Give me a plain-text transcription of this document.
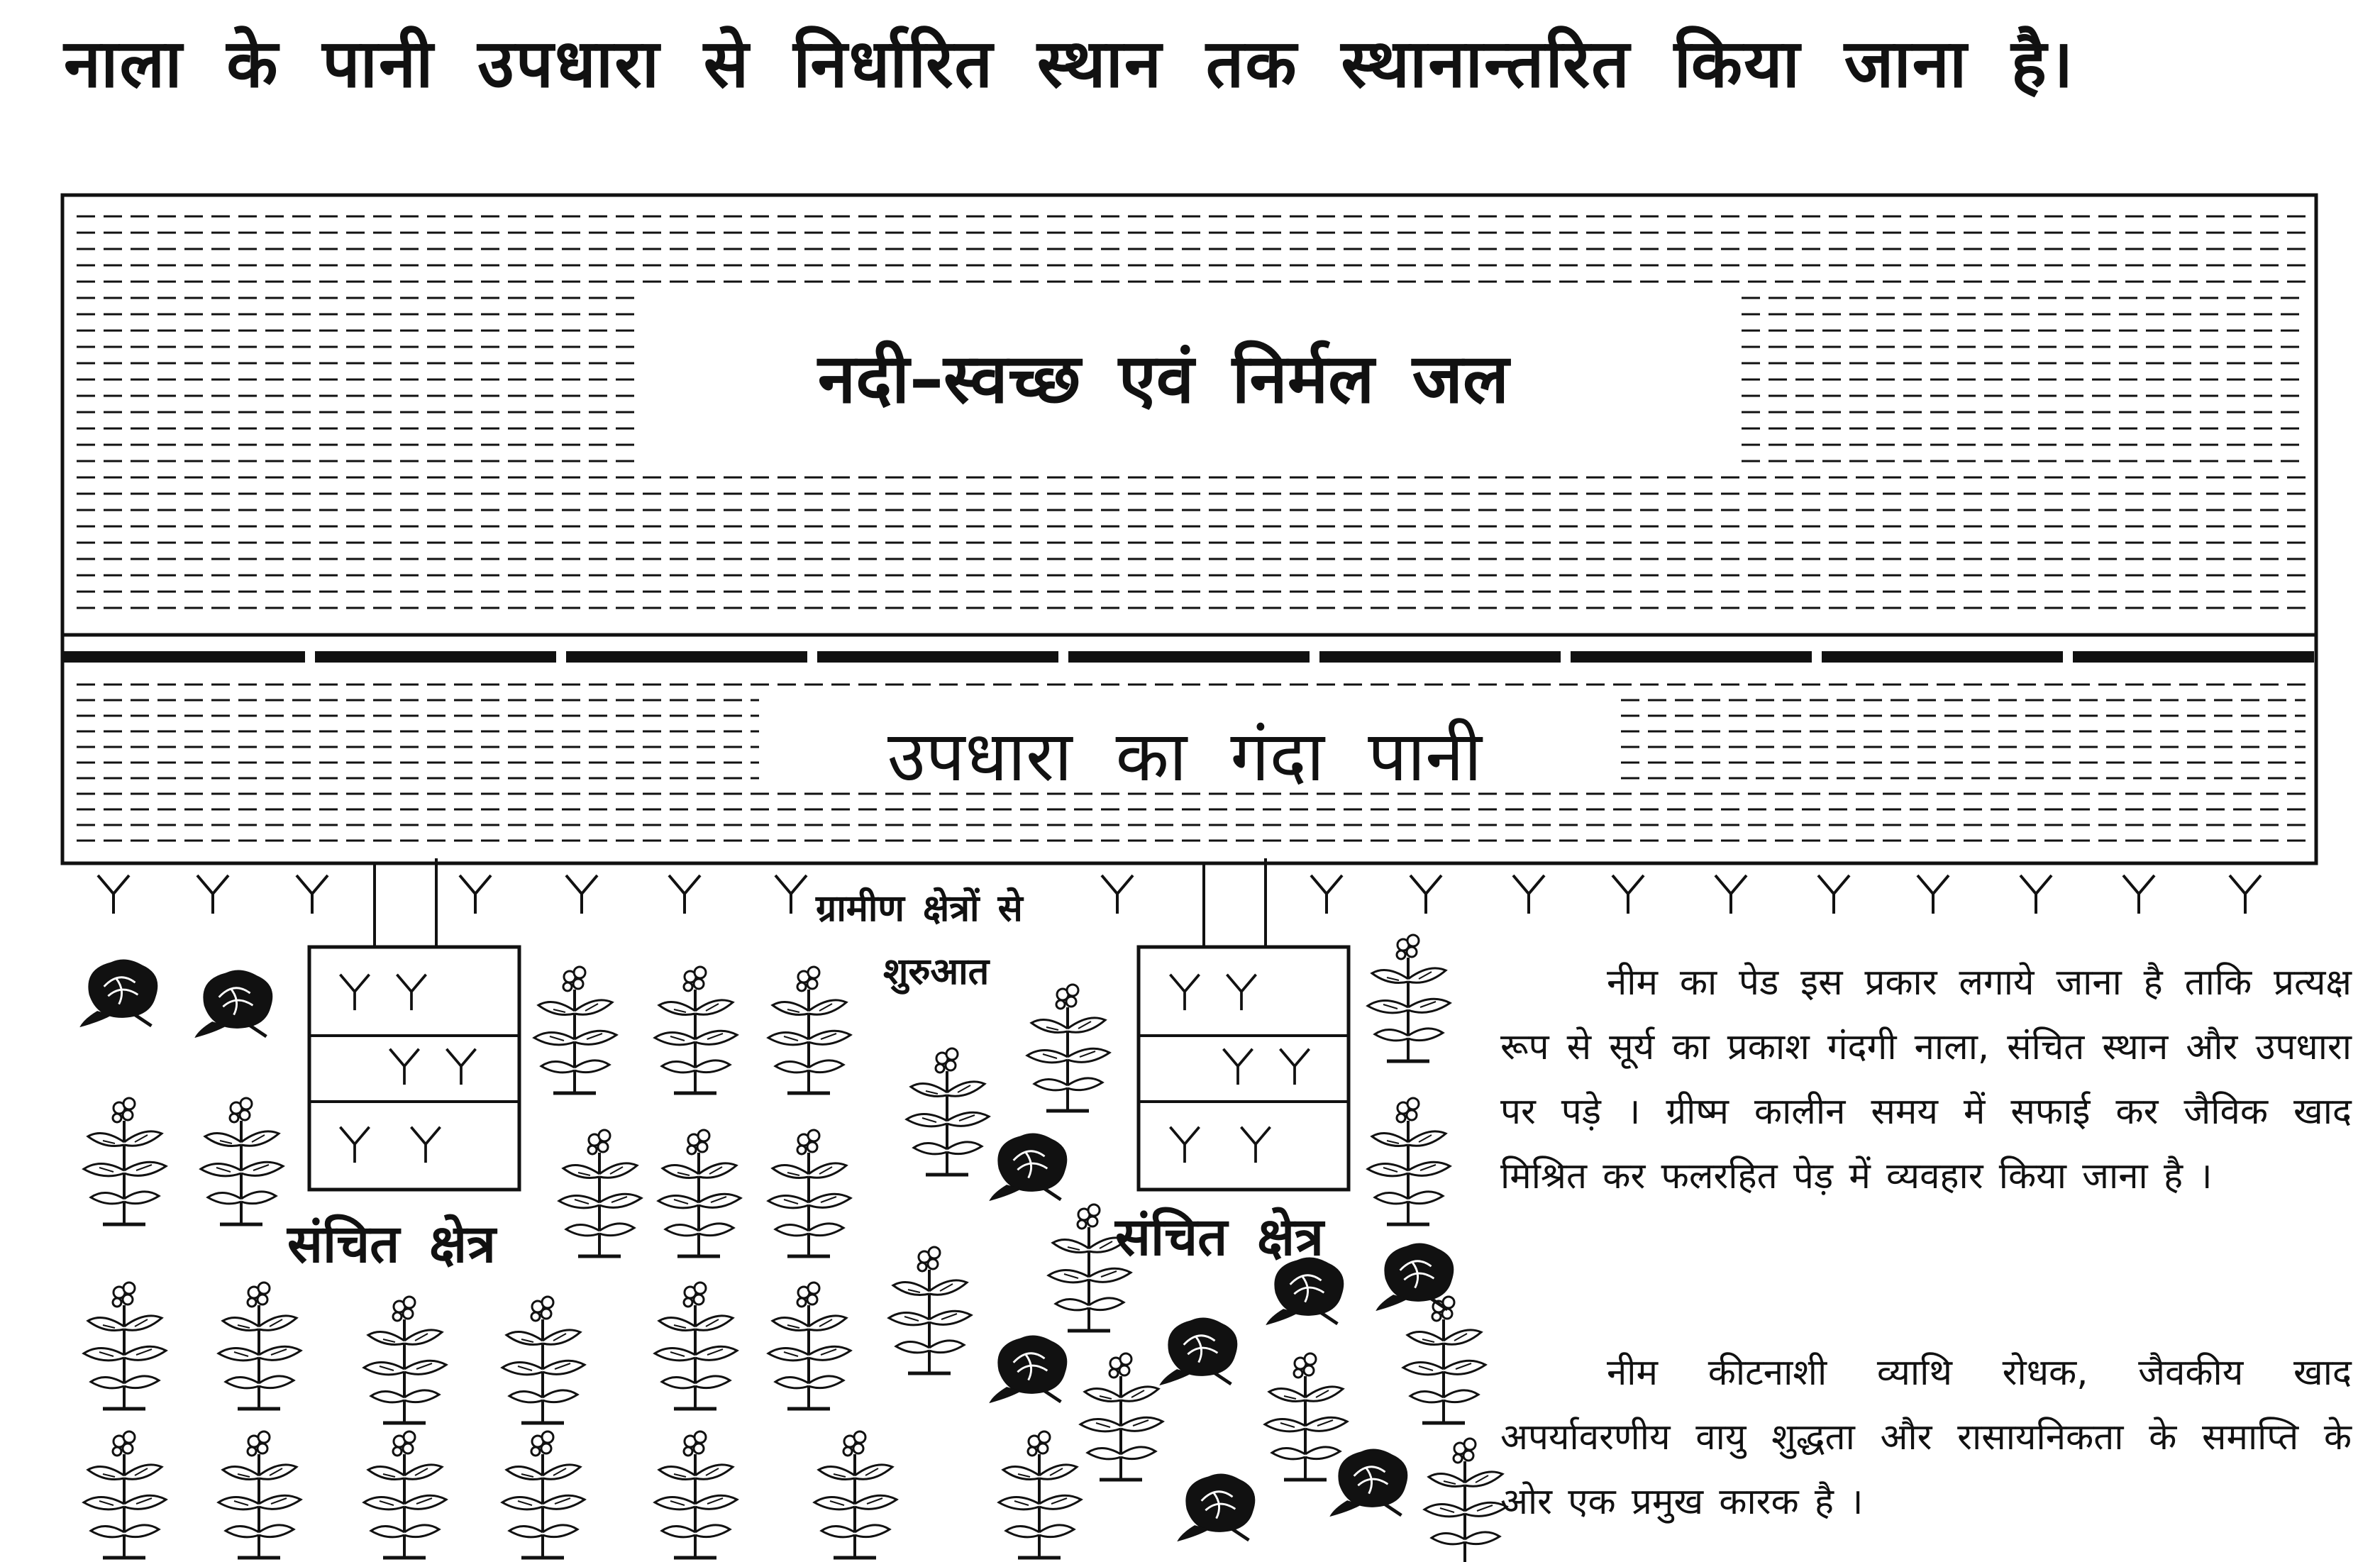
नाला के पानी उपधारा से निर्धारित स्थान तक स्थानान्तरित किया जाना है।
नदी–स्वच्छ एवं निर्मल जल
उपधारा का गंदा पानी
ग्रामीण क्षेत्रों से
शुरुआत
संचित क्षेत्र	संचित क्षेत्र
नीम का पेड इस प्रकार लगाये जाना है ताकि प्रत्यक्ष रूप से सूर्य का प्रकाश गंदगी नाला, संचित स्थान और उपधारा पर पड़े । ग्रीष्म कालीन समय में सफाई कर जैविक खाद मिश्रित कर फलरहित पेड़ में व्यवहार किया जाना है ।
नीम कीटनाशी व्याथि रोधक, जैवकीय खाद अपर्यावरणीय वायु शुद्धता और रासायनिकता के समाप्ति के ओर एक प्रमुख कारक है ।
